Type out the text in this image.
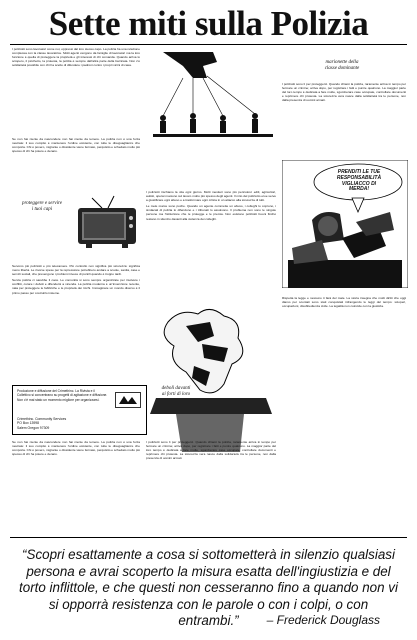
Sette miti sulla Polizia

I poliziotti sono lavoratori come noi, oppressi dal loro stesso capo. La polizia ha una relazione complessa con la classe lavoratrice. Molti agenti vengono da famiglie di lavoratori ma la loro funzione è quella di proteggere la proprietà e gli interessi di chi comanda. Quando arriva lo sciopero, il picchetto, la protesta, la polizia è sempre dall'altra parte della barricata. Non c'è solidarietà possibile con chi ha scelto di difendere i padroni contro i propri vicini di casa.

Se non hai niente da nascondere non hai niente da temere. La polizia non è una forza neutrale: il suo compito è mantenere l'ordine esistente, con tutte le disuguaglianze che comporta. Chi è povero, migrante o dissidente viene fermato, perquisito e schedato molto più spesso di chi ha potere e denaro.

proteggere e servire
i tuoi capi
marionette della
classe dominante

I poliziotti sono lì per proteggerci. Quando chiami la polizia, raramente arriva in tempo per fermare un crimine; arriva dopo, per registrare i fatti e punire qualcuno. La maggior parte del loro tempo è dedicata a fare multe, sgomberare case occupate, controllare documenti e reprimere chi protesta. La sicurezza vera nasce dalla solidarietà tra le persone, non dalla presenza di uomini armati.

I poliziotti rischiano la vita ogni giorno. Molti mestieri sono più pericolosi: edili, agricoltori, autisti, operai muoiono sul lavoro molto più spesso degli agenti. Il mito del poliziotto eroe serve a giustificare ogni abuso e a trasformare ogni critica in un attacco alla sicurezza di tutti.

Le mele marce sono poche. Quando un agente commette un abuso, i colleghi lo coprono, i sindacati di polizia lo difendono e i tribunali lo assolvono. Il problema non sono le singole persone ma l'istituzione che le protegge e le premia. Non esistono poliziotti buoni finché restano in silenzio davanti alla violenza dei colleghi.

PRENDITI LE TUE
RESPONSABILITÀ
VIGLIACCO DI
MERDA!
deboli davanti
ai forti di loro

Servono più poliziotti e più telecamere. Più controllo non significa più sicurezza: significa meno libertà. Le risorse spese per la repressione potrebbero andare a scuole, sanità, case e servizi sociali, che prevengono i problemi invece di punirli quando è troppo tardi.

Senza polizia ci sarebbe il caos. Le comunità si sono sempre organizzate per risolvere i conflitti, curare i deboli e difendersi a vicenda. La polizia moderna è un'invenzione recente, nata per proteggere le fabbriche e le proprietà dei ricchi. Immaginare un mondo diverso è il primo passo per costruirlo insieme.

Rispetta la legge e nessuno ti farà del male. La storia insegna che molti diritti che oggi diamo per scontati sono stati conquistati infrangendo le leggi del tempo: scioperi, occupazioni, disobbedienza civile. La legalità non coincide con la giustizia.

I poliziotti sono lì per proteggerci. Quando chiami la polizia, raramente arriva in tempo per fermare un crimine; arriva dopo, per registrare i fatti e punire qualcuno. La maggior parte del loro tempo è dedicata a fare multe, sgomberare case occupate, controllare documenti e reprimere chi protesta. La sicurezza vera nasce dalla solidarietà tra le persone, non dalla presenza di uomini armati.

Se non hai niente da nascondere non hai niente da temere. La polizia non è una forza neutrale: il suo compito è mantenere l'ordine esistente, con tutte le disuguaglianze che comporta. Chi è povero, migrante o dissidente viene fermato, perquisito e schedato molto più spesso di chi ha potere e denaro.

Produzione e diffusione del Crimethinc. La Rivista e il Collettivo si concentrano su progetti di agitazione e diffusione. Non c'è mai stato un momento migliore per organizzarsi.
Crimethinc. Community Services
PO Box 13998
Salem Oregon 97309
“Scopri esattamente a cosa si sottometterà in silenzio qualsiasi persona e avrai scoperto la misura esatta dell'ingiustizia e del torto inflittole, e che questi non cesseranno fino a quando non vi si opporrà resistenza con le parole o con i colpi, o con entrambi.”	– Frederick Douglass
